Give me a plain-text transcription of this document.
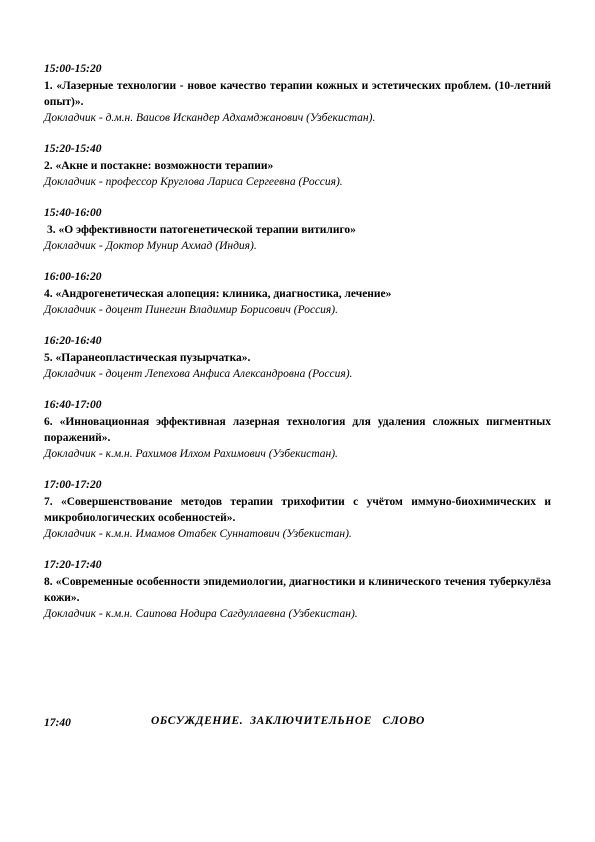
15:00-15:20
1. «Лазерные технологии - новое качество терапии кожных и эстетических проблем. (10-летний опыт)».
Докладчик - д.м.н. Ваисов Искандер Адхамджанович (Узбекистан).
15:20-15:40
2. «Акне и постакне: возможности терапии»
Докладчик - профессор Круглова Лариса Сергеевна (Россия).
15:40-16:00
3. «О эффективности патогенетической терапии витилиго»
Докладчик - Доктор Мунир Ахмад (Индия).
16:00-16:20
4. «Андрогенетическая алопеция: клиника, диагностика, лечение»
Докладчик - доцент Пинегин Владимир Борисович (Россия).
16:20-16:40
5. «Паранеопластическая пузырчатка».
Докладчик - доцент Лепехова Анфиса Александровна (Россия).
16:40-17:00
6. «Инновационная эффективная лазерная технология для удаления сложных пигментных поражений».
Докладчик - к.м.н. Рахимов Илхом Рахимович (Узбекистан).
17:00-17:20
7. «Совершенствование методов терапии трихофитии с учётом иммуно-биохимических и микробиологических особенностей».
Докладчик - к.м.н. Имамов Отабек Суннатович (Узбекистан).
17:20-17:40
8. «Современные особенности эпидемиологии, диагностики и клинического течения туберкулёза кожи».
Докладчик - к.м.н. Саипова Нодира Сагдуллаевна (Узбекистан).
17:40	ОБСУЖДЕНИЕ.  ЗАКЛЮЧИТЕЛЬНОЕ   СЛОВО
